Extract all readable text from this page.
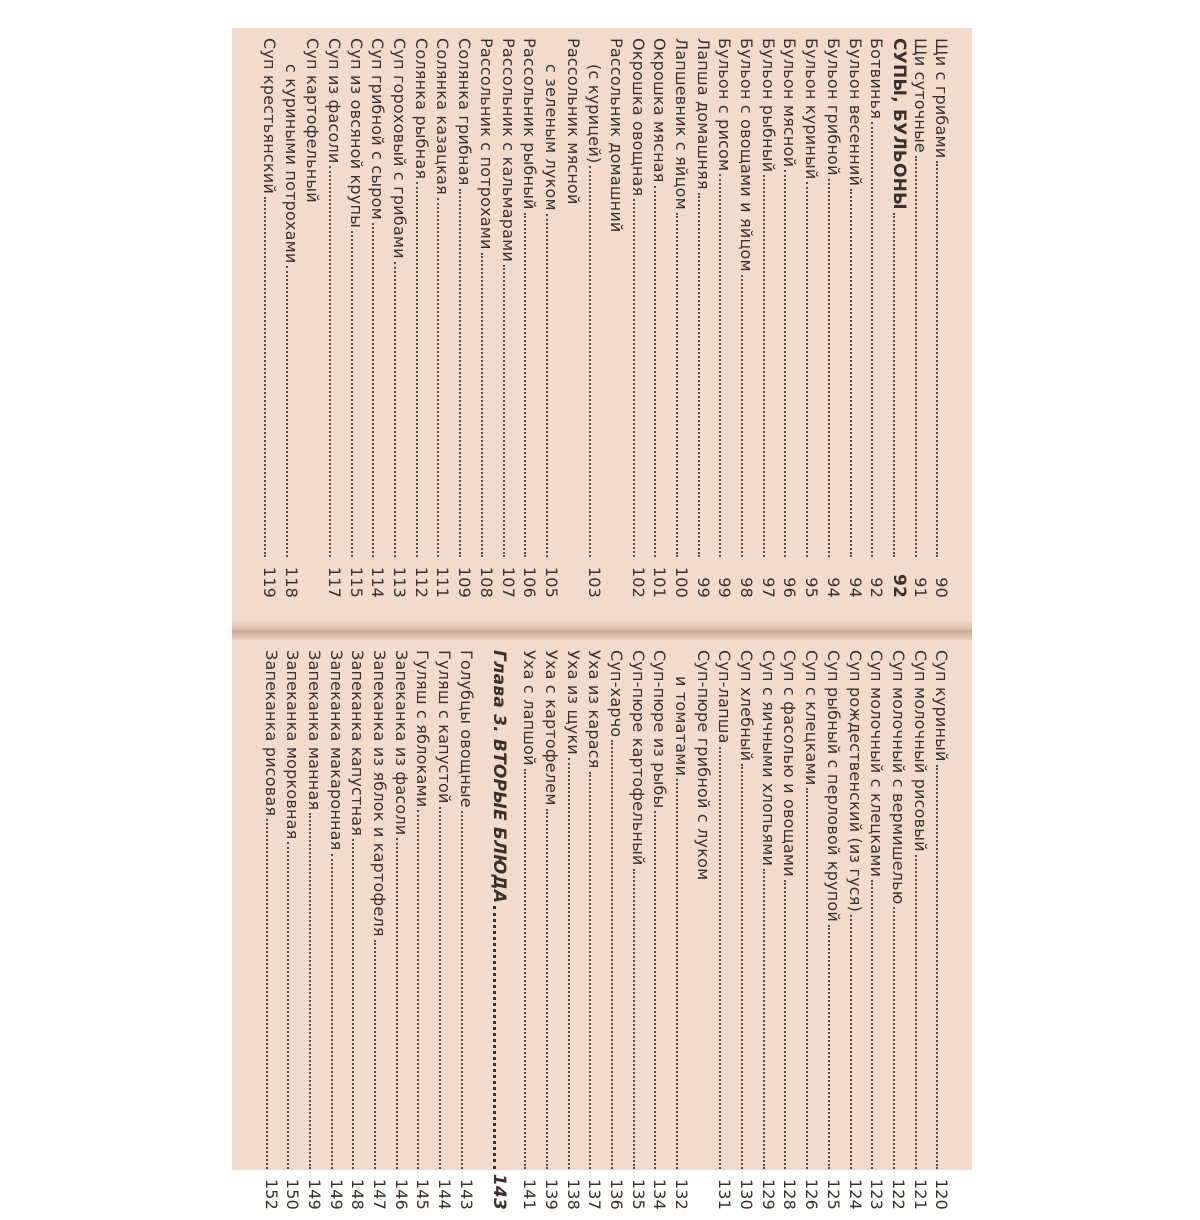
Щи с грибами
90
Щи суточные
91
СУПЫ, БУЛЬОНЫ
92
Ботвинья
92
Бульон весенний
94
Бульон грибной
94
Бульон куриный
95
Бульон мясной
96
Бульон рыбный
97
Бульон с овощами и яйцом
98
Бульон с рисом
99
Лапша домашняя
99
Лапшевник с яйцом
100
Окрошка мясная
101
Окрошка овощная
102
Рассольник домашний
(с курицей)
103
Рассольник мясной
с зеленым луком
105
Рассольник рыбный
106
Рассольник с кальмарами
107
Рассольник с потрохами
108
Солянка грибная
109
Солянка казацкая
111
Солянка рыбная
112
Суп гороховый с грибами
113
Суп грибной с сыром
114
Суп из овсяной крупы
115
Суп из фасоли
117
Суп картофельный
с куриными потрохами
118
Суп крестьянский
119
Суп куриный
120
Суп молочный рисовый
121
Суп молочный с вермишелью
122
Суп молочный с клецками
123
Суп рождественский (из гуся)
124
Суп рыбный с перловой крупой
125
Суп с клецками
126
Суп с фасолью и овощами
128
Суп с яичными хлопьями
129
Суп хлебный
130
Суп-лапша
131
Суп-пюре грибной с луком
и томатами
132
Суп-пюре из рыбы
134
Суп-пюре картофельный
135
Суп-харчо
136
Уха из карася
137
Уха из щуки
138
Уха с картофелем
139
Уха с лапшой
141
Глава 3. ВТОРЫЕ БЛЮДА
143
Голубцы овощные
143
Гуляш с капустой
144
Гуляш с яблоками
145
Запеканка из фасоли
146
Запеканка из яблок и картофеля
147
Запеканка капустная
148
Запеканка макаронная
149
Запеканка манная
149
Запеканка морковная
150
Запеканка рисовая
152
